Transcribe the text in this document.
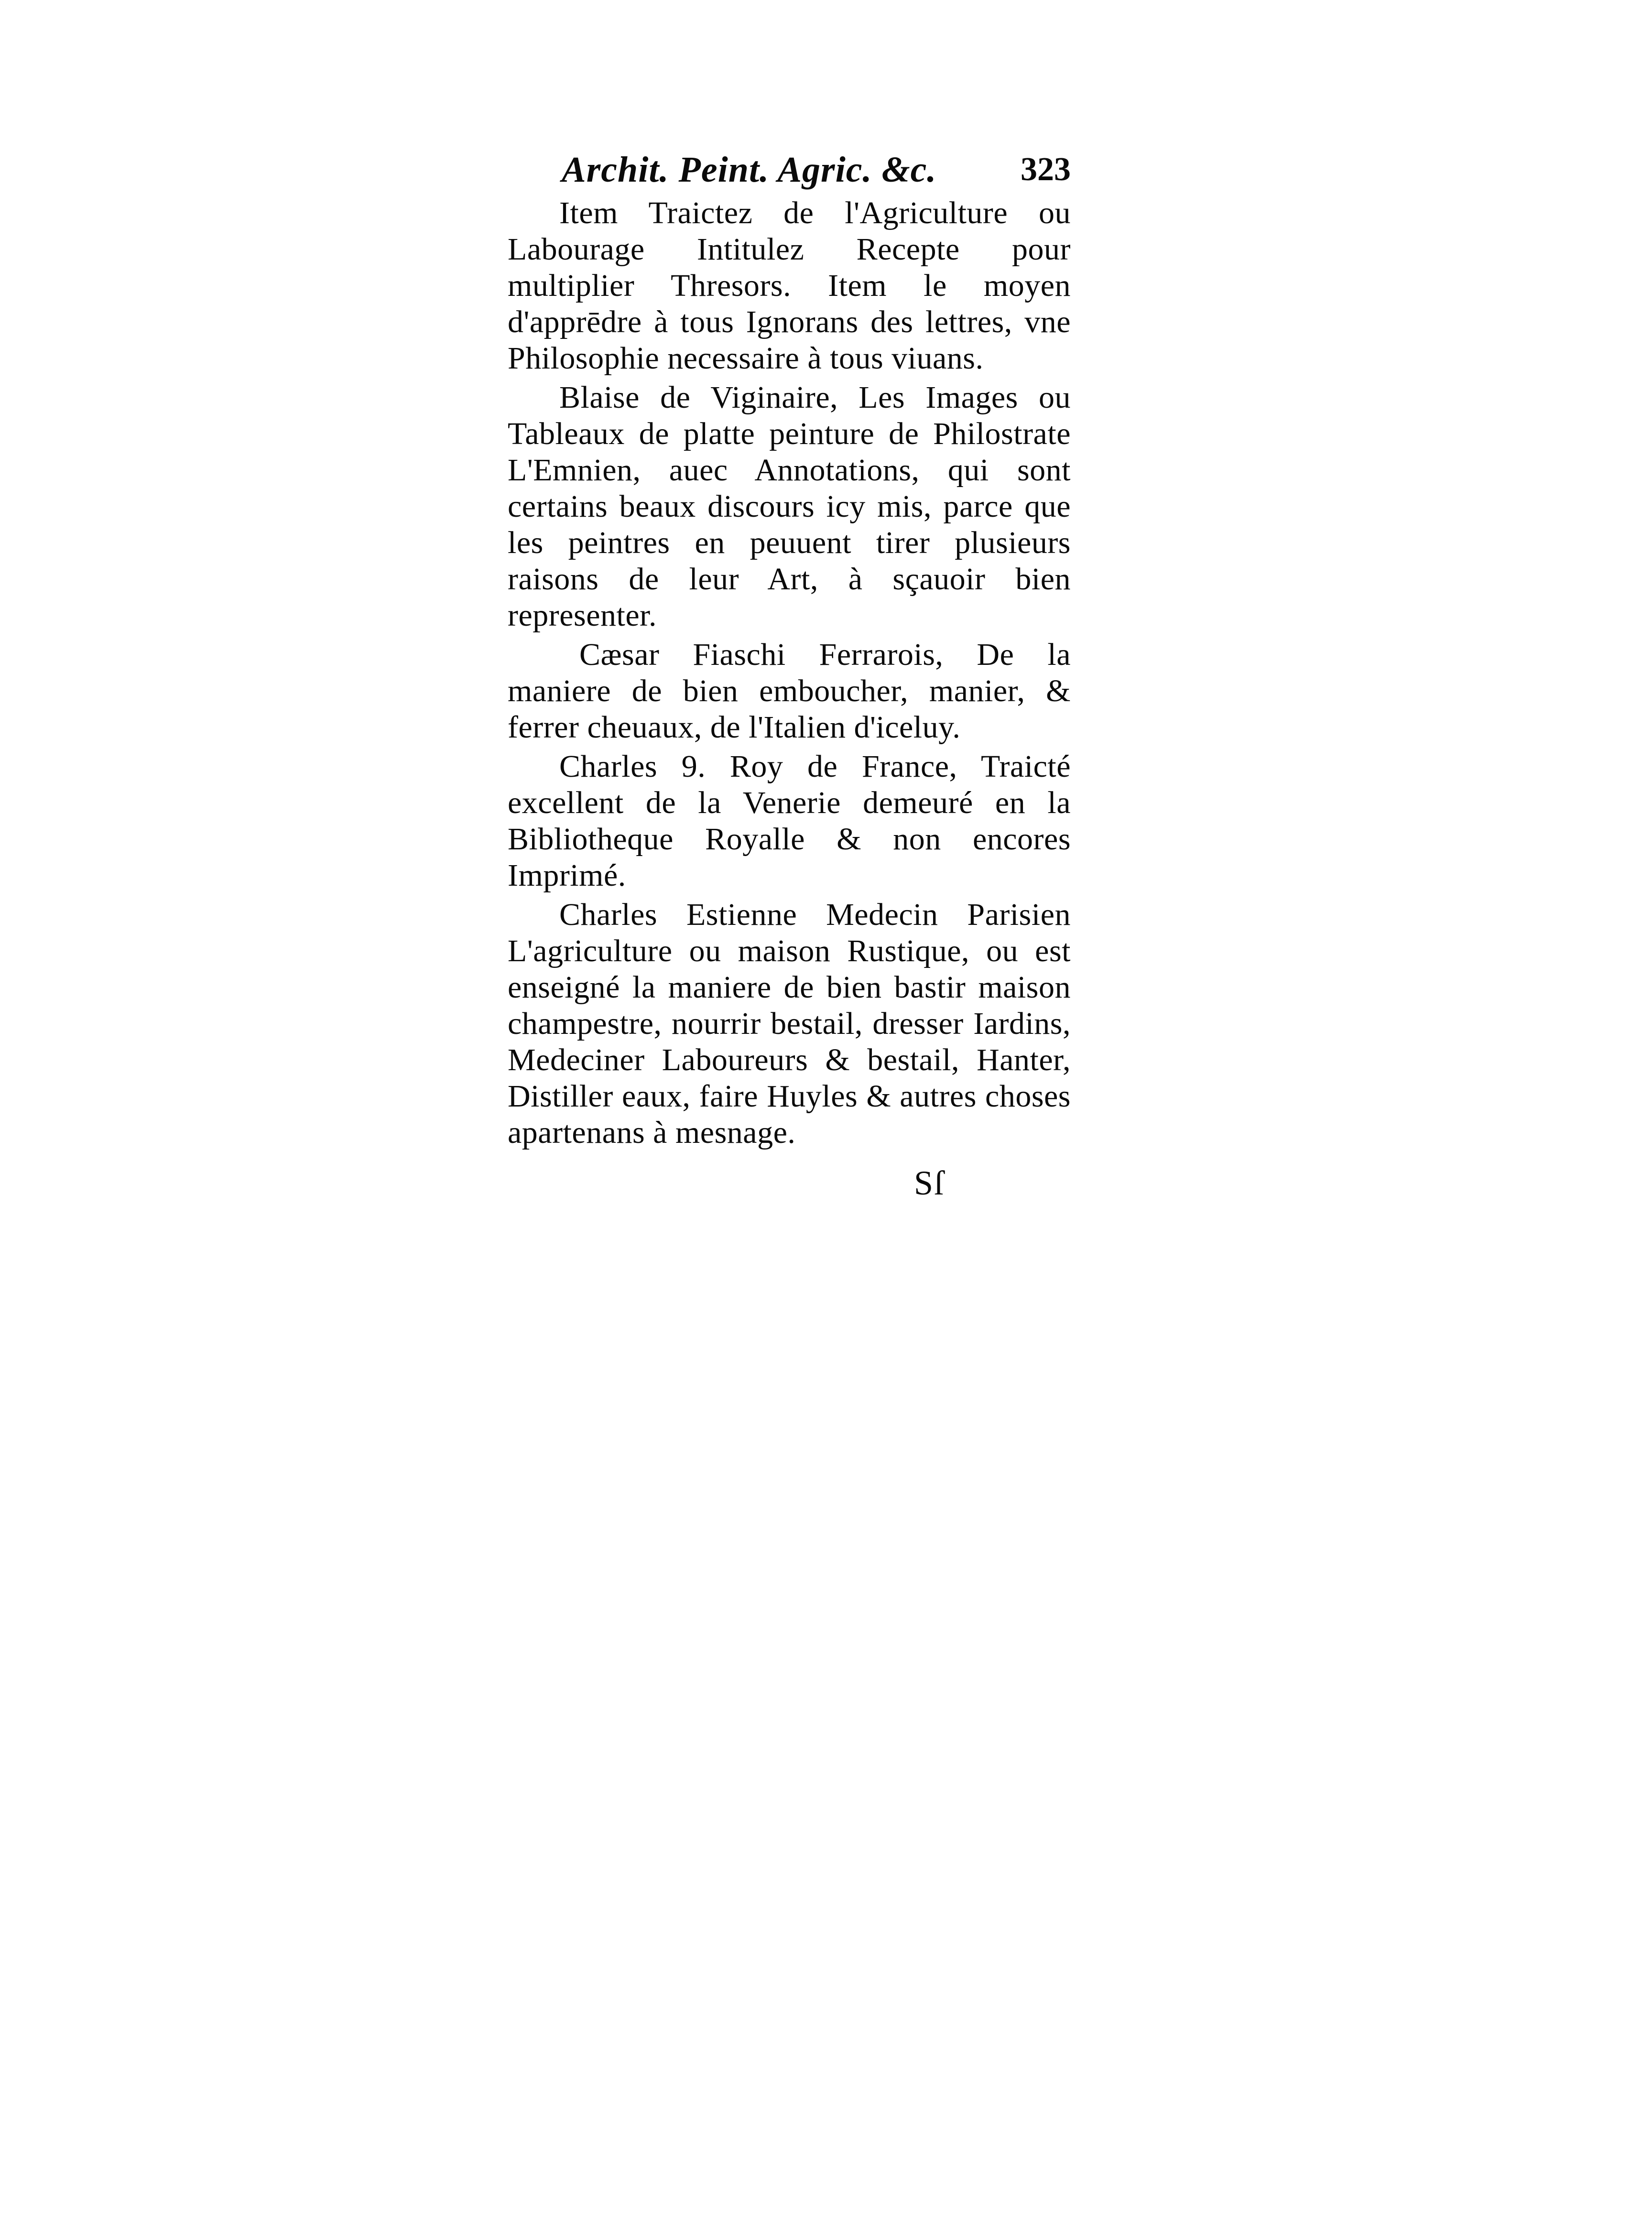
Archit. Peint. Agric. &c.	323

Item Traictez de l'Agriculture ou Labourage Intitulez Recepte pour multiplier Thresors. Item le moyen d'apprēdre à tous Ignorans des lettres, vne Philosophie necessaire à tous viuans.

Blaise de Viginaire, Les Images ou Tableaux de platte peinture de Philostrate L'Emnien, auec Annotations, qui sont certains beaux discours icy mis, parce que les peintres en peuuent tirer plusieurs raisons de leur Art, à sçauoir bien representer.

Cæsar Fiaschi Ferrarois, De la maniere de bien emboucher, manier, & ferrer cheuaux, de l'Italien d'iceluy.

Charles 9. Roy de France, Traicté excellent de la Venerie demeuré en la Bibliotheque Royalle & non encores Imprimé.

Charles Estienne Medecin Parisien L'agriculture ou maison Rustique, ou est enseigné la maniere de bien bastir maison champestre, nourrir bestail, dresser Iardins, Medeciner Laboureurs & bestail, Hanter, Distiller eaux, faire Huyles & autres choses apartenans à mesnage.

Sſ
